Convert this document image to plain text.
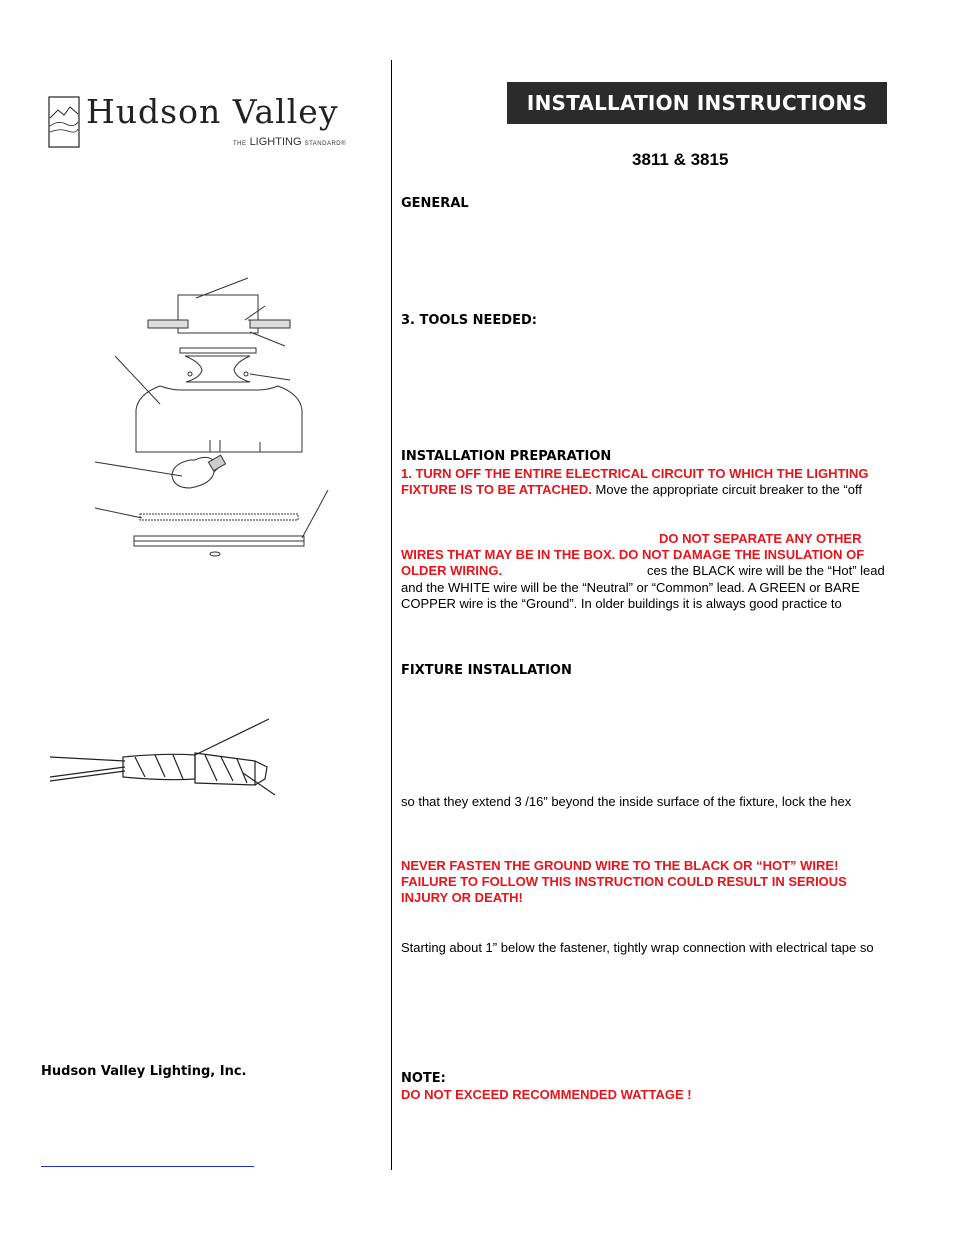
Hudson Valley
THE LIGHTING STANDARD®
INSTALLATION INSTRUCTIONS
3811 & 3815
GENERAL
3. TOOLS NEEDED:
INSTALLATION PREPARATION
1. TURN OFF THE ENTIRE ELECTRICAL CIRCUIT TO WHICH THE LIGHTING
FIXTURE IS TO BE ATTACHED. Move the appropriate circuit breaker to the “off
DO NOT SEPARATE ANY OTHER
WIRES THAT MAY BE IN THE BOX. DO NOT DAMAGE THE INSULATION OF
OLDER WIRING.	ces the BLACK wire will be the “Hot” lead
and the WHITE wire will be the “Neutral” or “Common” lead. A GREEN or BARE
COPPER wire is the “Ground”. In older buildings it is always good practice to
FIXTURE INSTALLATION
so that they extend 3 /16” beyond the inside surface of the fixture, lock the hex
NEVER FASTEN THE GROUND WIRE TO THE BLACK OR “HOT” WIRE!
FAILURE TO FOLLOW THIS INSTRUCTION COULD RESULT IN SERIOUS
INJURY OR DEATH!
Starting about 1” below the fastener, tightly wrap connection with electrical tape so
NOTE:
DO NOT EXCEED RECOMMENDED WATTAGE !
Hudson Valley Lighting, Inc.
